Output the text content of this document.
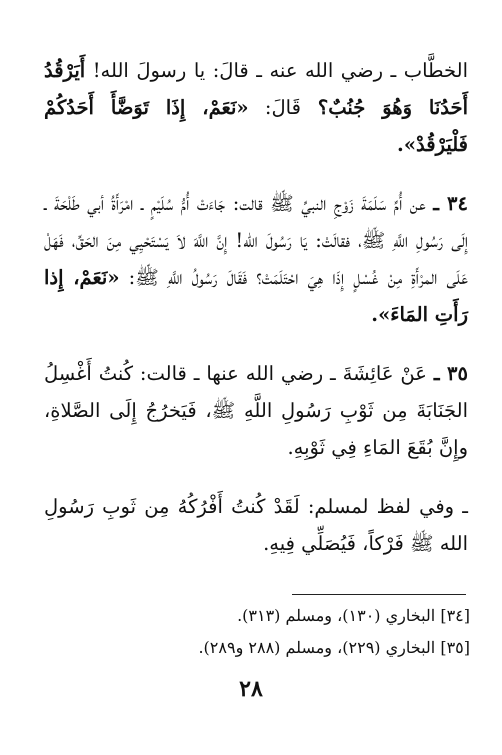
الخطَّاب ـ رضي الله عنه ـ قالَ: يا رسولَ الله! أَيَرْقُدُ أَحَدُنَا وَهُوَ جُنُبٌ؟ قَالَ: «نَعَمْ، إِذَا تَوَضَّأَ أَحَدُكُمْ فَلْيَرْقُدْ».

٣٤ ـ عن أُمِّ سَلَمَةَ زَوْجِ النبيِّ ﷺ قالت: جَاءَتْ أُمُّ سُلَيْمٍ ـ امْرَأَةُ أبي طَلْحَةَ ـ إِلَى رَسُولِ اللَّهِ ﷺ، فقالَتْ: يَا رَسُولَ الله! إِنَّ اللَّهَ لاَ يَسْتَحْيِي مِنَ الحَقِّ، فَهَلْ عَلَى المرْأَةِ مِنْ غُسْلٍ إِذَا هِيَ احْتَلَمَتْ؟ فَقَالَ رَسُولُ اللَّهِ ﷺ: «نَعَمْ، إِذا رَأَتِ المَاءَ».

٣٥ ـ عَنْ عَائِشَةَ ـ رضي الله عنها ـ قالت: كُنتُ أَغْسِلُ الجَنَابَةَ مِن ثَوْبِ رَسُولِ اللَّهِ ﷺ، فَيَخرُجُ إِلَى الصَّلاةِ، وإِنَّ بُقَعَ المَاءِ فِي ثَوْبِهِ.

ـ وفي لفظ لمسلم: لَقَدْ كُنتُ أَفْرُكُهُ مِن ثَوبِ رَسُولِ الله ﷺ فَرْكاً، فَيُصَلِّي فِيهِ.

[٣٤] البخاري (١٣٠)، ومسلم (٣١٣).
[٣٥] البخاري (٢٢٩)، ومسلم (٢٨٨ و٢٨٩).
٢٨
